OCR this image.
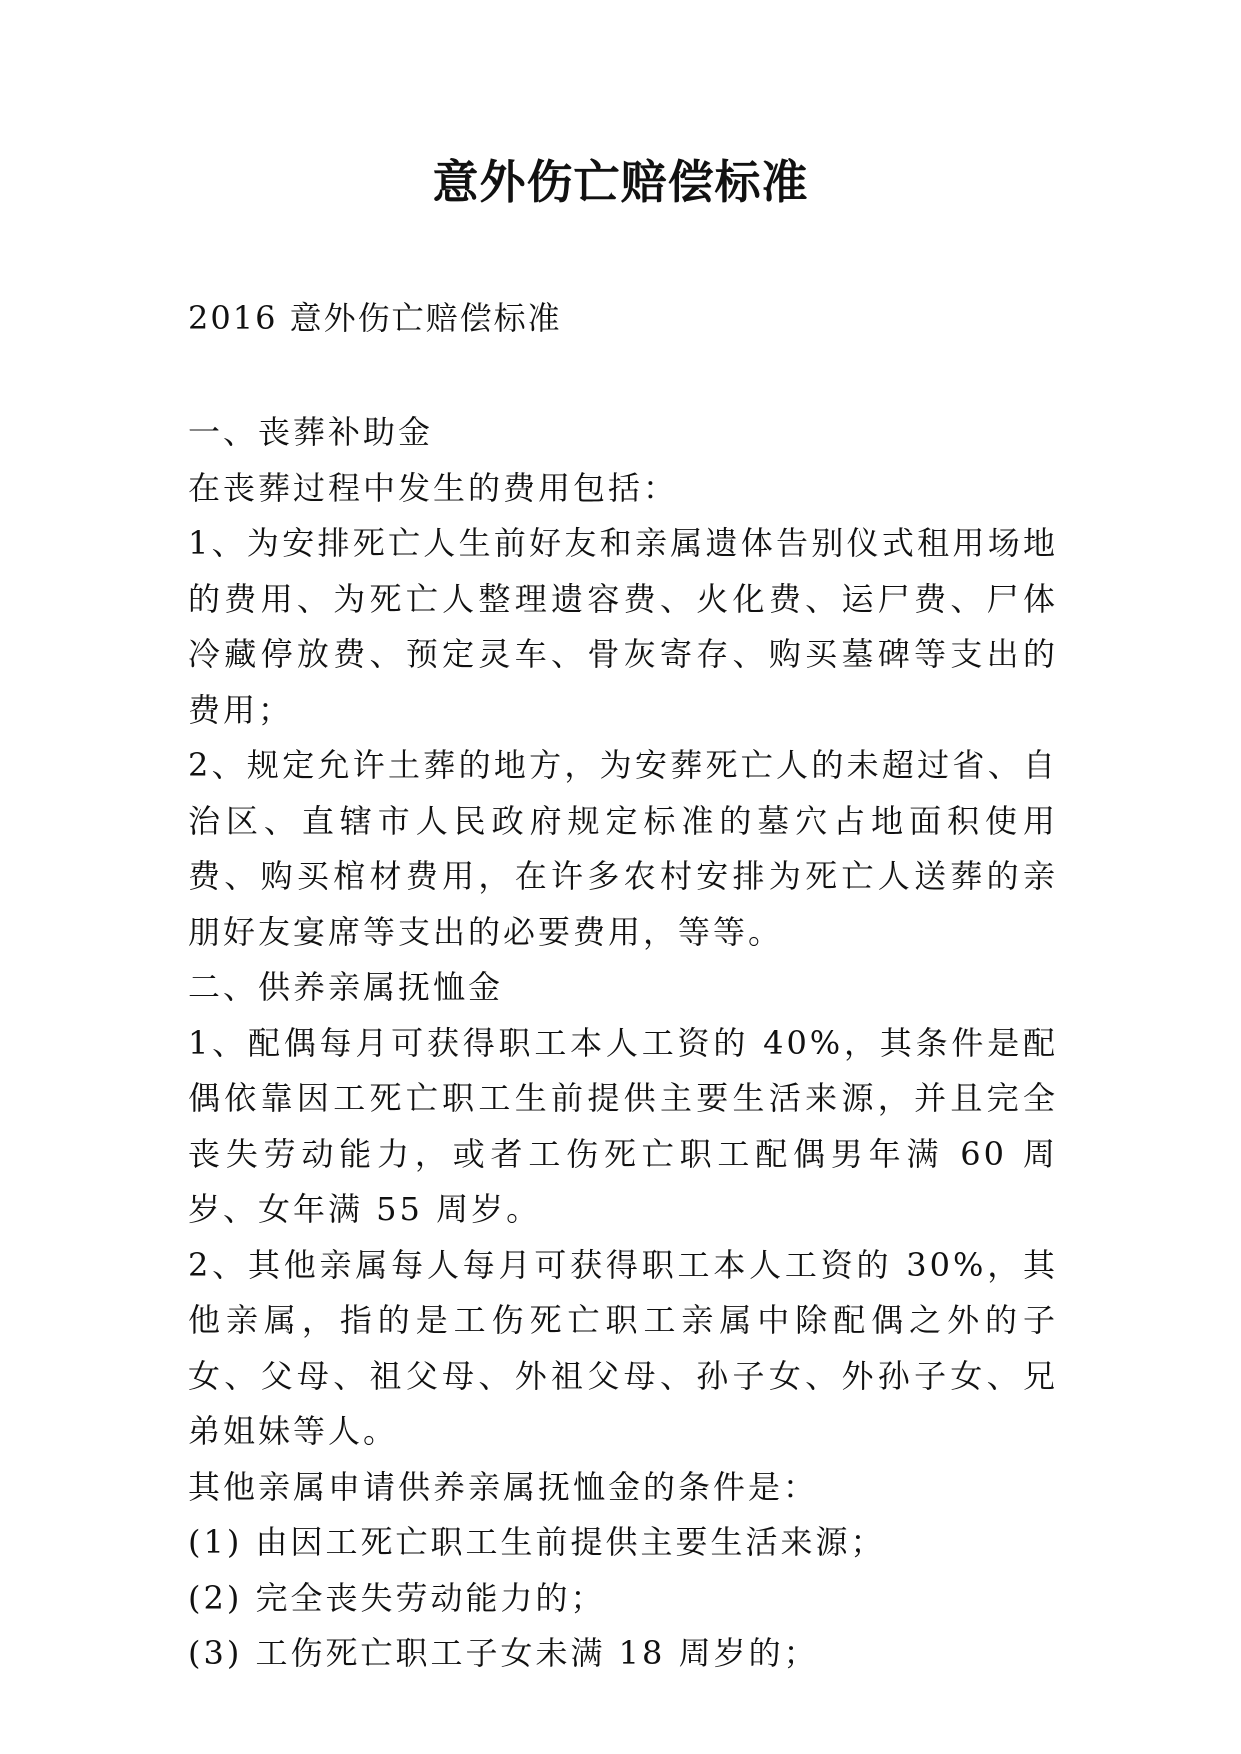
意外伤亡赔偿标准
2016 意外伤亡赔偿标准

一、丧葬补助金

在丧葬过程中发生的费用包括：

1、为安排死亡人生前好友和亲属遗体告别仪式租用场地的费用、为死亡人整理遗容费、火化费、运尸费、尸体冷藏停放费、预定灵车、骨灰寄存、购买墓碑等支出的费用；

2、规定允许土葬的地方，为安葬死亡人的未超过省、自治区、直辖市人民政府规定标准的墓穴占地面积使用费、购买棺材费用，在许多农村安排为死亡人送葬的亲朋好友宴席等支出的必要费用，等等。

二、供养亲属抚恤金

1、配偶每月可获得职工本人工资的 40%，其条件是配偶依靠因工死亡职工生前提供主要生活来源，并且完全丧失劳动能力，或者工伤死亡职工配偶男年满 60 周岁、女年满 55 周岁。

2、其他亲属每人每月可获得职工本人工资的 30%，其他亲属，指的是工伤死亡职工亲属中除配偶之外的子女、父母、祖父母、外祖父母、孙子女、外孙子女、兄弟姐妹等人。

其他亲属申请供养亲属抚恤金的条件是：

(1) 由因工死亡职工生前提供主要生活来源；

(2) 完全丧失劳动能力的；

(3) 工伤死亡职工子女未满 18 周岁的；
